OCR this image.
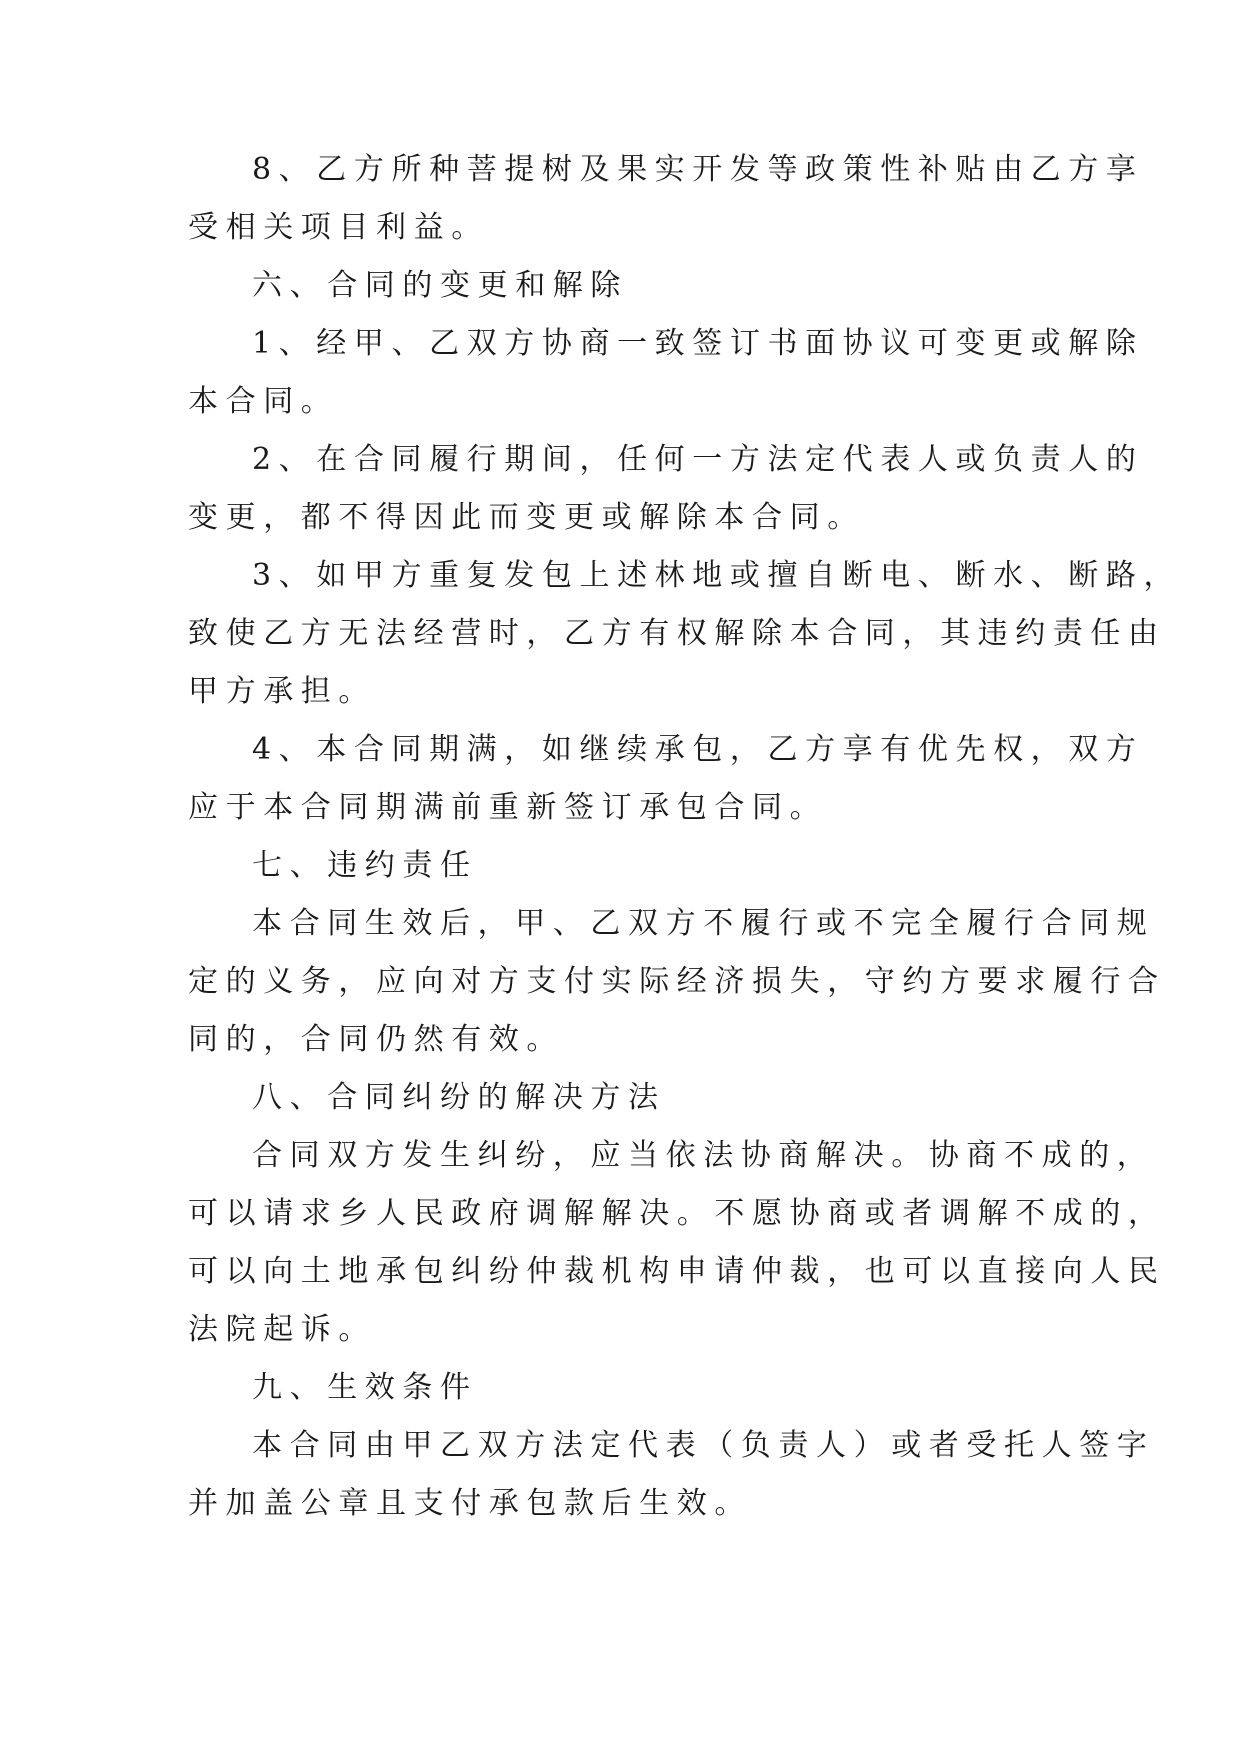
8、乙方所种菩提树及果实开发等政策性补贴由乙方享
受相关项目利益。
六、合同的变更和解除
1、经甲、乙双方协商一致签订书面协议可变更或解除
本合同。
2、在合同履行期间，任何一方法定代表人或负责人的
变更，都不得因此而变更或解除本合同。
3、如甲方重复发包上述林地或擅自断电、断水、断路，
致使乙方无法经营时，乙方有权解除本合同，其违约责任由
甲方承担。
4、本合同期满，如继续承包，乙方享有优先权，双方
应于本合同期满前重新签订承包合同。
七、违约责任
本合同生效后，甲、乙双方不履行或不完全履行合同规
定的义务，应向对方支付实际经济损失，守约方要求履行合
同的，合同仍然有效。
八、合同纠纷的解决方法
合同双方发生纠纷，应当依法协商解决。协商不成的，
可以请求乡人民政府调解解决。不愿协商或者调解不成的，
可以向土地承包纠纷仲裁机构申请仲裁，也可以直接向人民
法院起诉。
九、生效条件
本合同由甲乙双方法定代表（负责人）或者受托人签字
并加盖公章且支付承包款后生效。
